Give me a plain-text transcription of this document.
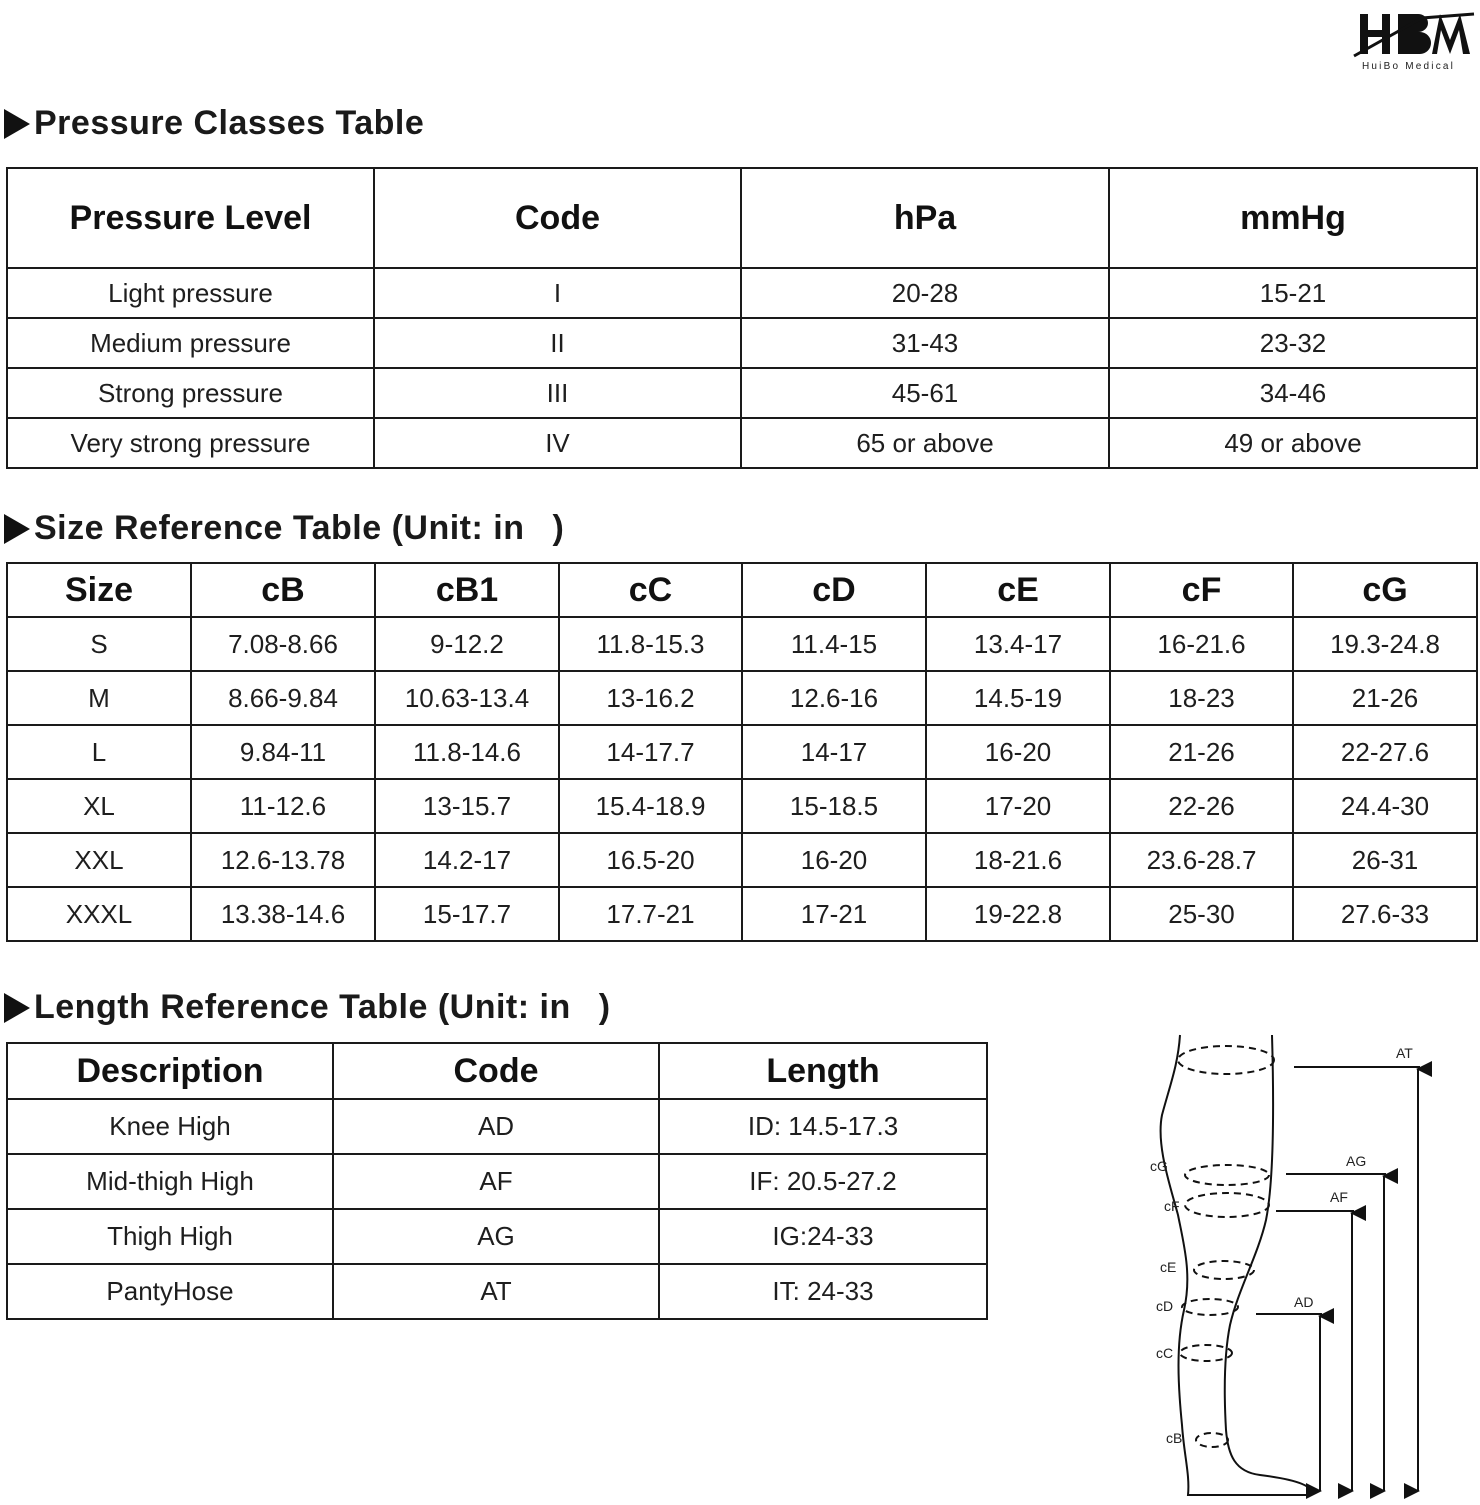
HuiBo Medical
Pressure Classes Table
Pressure Level	Code	hPa	mmHg
Light pressure	I	20-28	15-21
Medium pressure	II	31-43	23-32
Strong pressure	III	45-61	34-46
Very strong pressure	IV	65 or above	49 or above
Size Reference Table (Unit: in )
Size	cB	cB1	cC	cD	cE	cF	cG
S	7.08-8.66	9-12.2	11.8-15.3	11.4-15	13.4-17	16-21.6	19.3-24.8
M	8.66-9.84	10.63-13.4	13-16.2	12.6-16	14.5-19	18-23	21-26
L	9.84-11	11.8-14.6	14-17.7	14-17	16-20	21-26	22-27.6
XL	11-12.6	13-15.7	15.4-18.9	15-18.5	17-20	22-26	24.4-30
XXL	12.6-13.78	14.2-17	16.5-20	16-20	18-21.6	23.6-28.7	26-31
XXXL	13.38-14.6	15-17.7	17.7-21	17-21	19-22.8	25-30	27.6-33
Length Reference Table (Unit: in )
Description	Code	Length
Knee High	AD	ID: 14.5-17.3
Mid-thigh High	AF	IF: 20.5-27.2
Thigh High	AG	IG:24-33
PantyHose	AT	IT: 24-33
cG
cF
cE
cD
cC
cB
AT
AG
AF
AD
